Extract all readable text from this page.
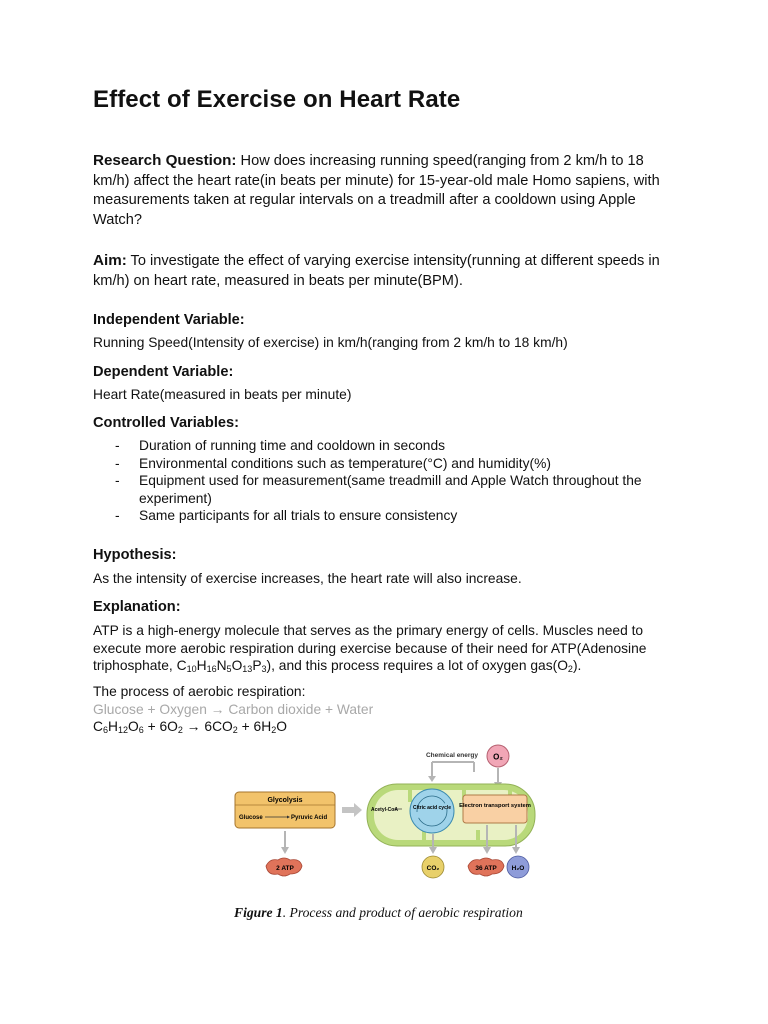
Effect of Exercise on Heart Rate

Research Question: How does increasing running speed(ranging from 2 km/h to 18 km/h) affect the heart rate(in beats per minute) for 15-year-old male Homo sapiens, with measurements taken at regular intervals on a treadmill after a cooldown using Apple Watch?

Aim: To investigate the effect of varying exercise intensity(running at different speeds in km/h) on heart rate, measured in beats per minute(BPM).

Independent Variable:

Running Speed(Intensity of exercise) in km/h(ranging from 2 km/h to 18 km/h)

Dependent Variable:

Heart Rate(measured in beats per minute)

Controlled Variables:

- Duration of running time and cooldown in seconds
- Environmental conditions such as temperature(°C) and humidity(%)
- Equipment used for measurement(same treadmill and Apple Watch throughout the experiment)
- Same participants for all trials to ensure consistency

Hypothesis:

As the intensity of exercise increases, the heart rate will also increase.

Explanation:

ATP is a high-energy molecule that serves as the primary energy of cells. Muscles need to execute more aerobic respiration during exercise because of their need for ATP(Adenosine triphosphate, $C_{10}H_{16}N_5O_{13}P_3$), and this process requires a lot of oxygen $gas(O_2)$.

The process of aerobic respiration:

Glucose + Oxygen → Carbon dioxide + Water

$C_6H_{12}O_6 + 6O_2 \to 6CO_2 + 6H_2O$

Chemical energy O₂
Glycolysis
Glucose	Pyruvic Acid
Acetyl-CoA	Citric acid cycle Electron transport system
2 ATP	CO₂	36 ATP H₂O

Figure 1. Process and product of aerobic respiration
